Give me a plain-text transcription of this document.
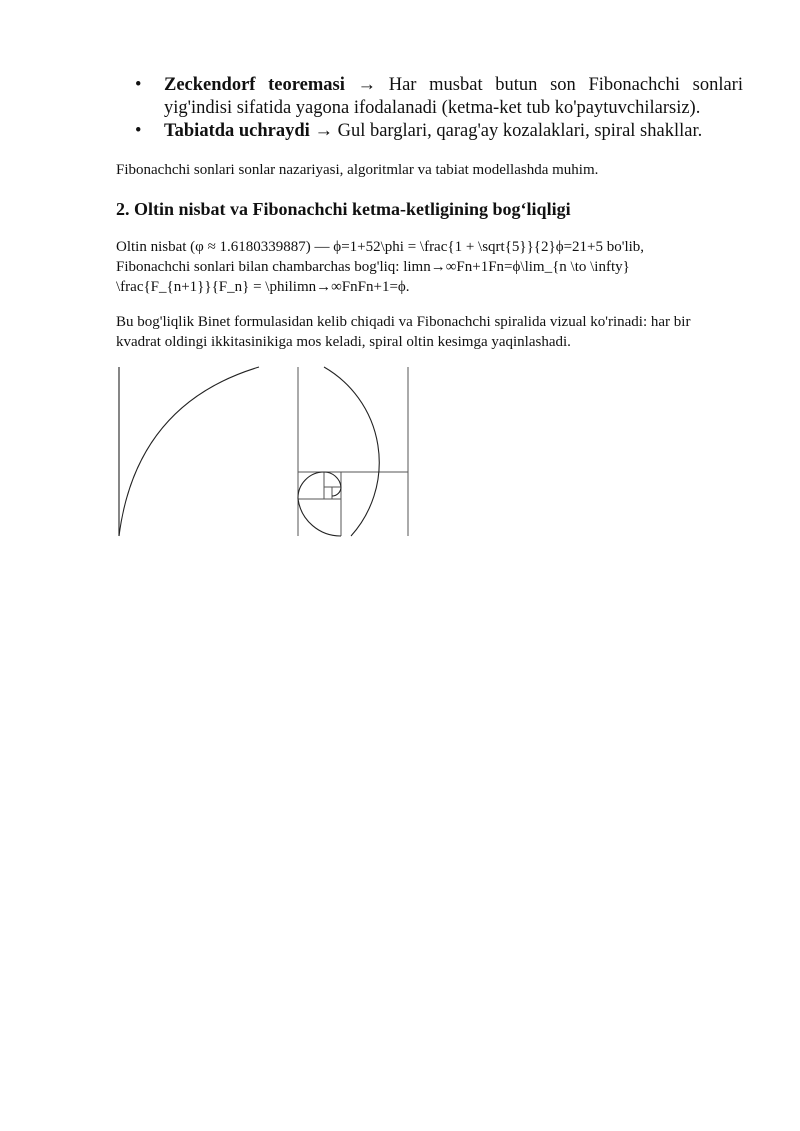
• Zeckendorf teoremasi → Har musbat butun son Fibonachchi sonlari yig'indisi sifatida yagona ifodalanadi (ketma-ket tub ko'paytuvchilarsiz).
• Tabiatda uchraydi → Gul barglari, qarag'ay kozalaklari, spiral shakllar.

Fibonachchi sonlari sonlar nazariyasi, algoritmlar va tabiat modellashda muhim.

2. Oltin nisbat va Fibonachchi ketma-ketligining bog‘liqligi
Oltin nisbat (φ ≈ 1.6180339887) — ϕ=1+52\phi = \frac{1 + \sqrt{5}}{2}ϕ=21+5 bo'lib,
Fibonachchi sonlari bilan chambarchas bog'liq: limn→∞Fn+1Fn=ϕ\lim_{n \to \infty}
\frac{F_{n+1}}{F_n} = \philimn→∞FnFn+1=ϕ.
Bu bog'liqlik Binet formulasidan kelib chiqadi va Fibonachchi spiralida vizual ko'rinadi: har bir
kvadrat oldingi ikkitasinikiga mos keladi, spiral oltin kesimga yaqinlashadi.
